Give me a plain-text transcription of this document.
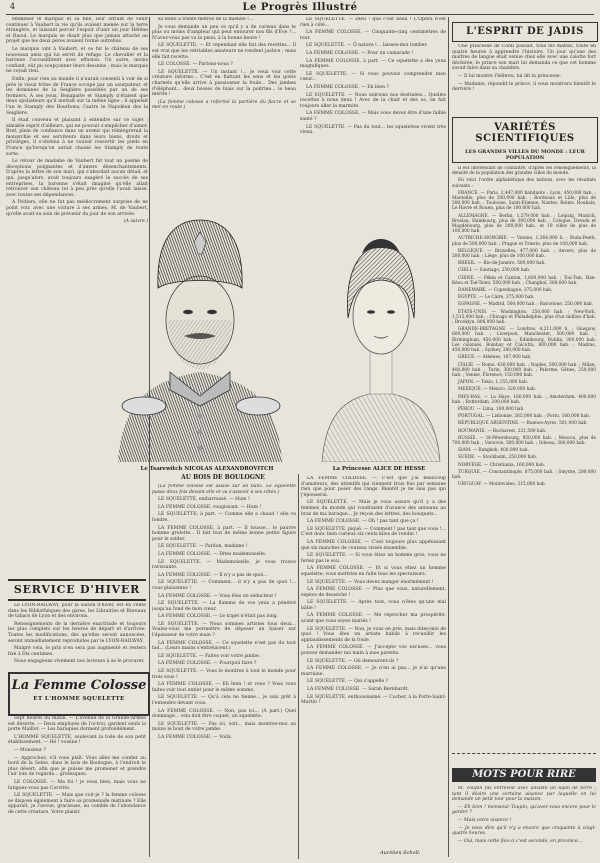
4	Le Progrès Illustré

emmener le marquis et sa fille, leur offrant de venir continuer à Vaubert la vie qu'ils avaient menée sur la terre étrangère, et laissant percer l'espoir d'unir un jour Hélène et Raoul. Le marquis se disait plus que jamais attaché au projet que les deux pères avaient formé autrefois.

Le marquis vint à Vaubert, et ce fut le château de ses nouveaux amis qui lui servit de refuge. Le chevalier et la baronne l'accueillirent avec effusion. Un autre, moins confiant, eût pu soupçonner leurs desseins ; mais le marquis ne voyait rien.

Enfin, pour rien au monde il n'aurait consenti à voir de si près le vieux trône de France occupé par un usurpateur, et les domaines de la Seiglière possédés par un de ses fermiers. A ses yeux, Bonaparte et Stamply n'étaient que deux spoliateurs qu'il mettait sur la même ligne ; il appelait l'un le Stamply des Bourbons, l'autre le Napoléon des la Seiglière.

Il était convenu et plaisant à entendre sur ce sujet ; aimable esprit d'ailleurs, qui ne pouvait s'empêcher d'aimer. Bref, plein de confiance dans un avenir qui réintégrerait la monarchie et ses serviteurs dans leurs biens, droits et privilèges, il s'obstina à ne vouloir ressortir les pieds en France qu'lorsqu'on aurait chassé les Stamply de toute sorte.

Le retour de madame de Vaubert fut tout un poème de déceptions poignantes et d'amers désenchantements. D'après la lettre de son mari, qui s'abordait aucun détail, et qui, jusqu'alors, avait toujours exagéré le succès de ses entreprises, la baronne s'était imaginé qu'elle allait retrouver son château tel à peu près qu'elle l'avait laissé, avec toutes ses dépendances.

A Poitiers, elle ne fut pas médiocrement surprise de ne point voir, avec une voiture à ses armes, M. de Vaubert, qu'elle avait eu soin de prévenir du jour de son arrivée.

(A suivre.)

SERVICE D'HIVER

Le LYON-RAILWAY, pour la saison d'hiver, est en vente dans les Bibliothèques des gares, les Librairies et Bureaux de tabacs de Lyon et des environs.

Renseignements de la dernière exactitude et toujours les plus complets sur les heures de départ et d'arrivée. Toutes les modifications, dès qu'elles seront annoncées, seront immédiatement reproduites par le LYON-RAILWAY.

Malgré cela, le prix n'en sera pas augmenté et restera fixé à Dix centimes.

Nous engageons vivement nos lecteurs à se le procurer.

La Femme Colosse
ET L'HOMME SQUELETTE

Sept heures du matin. — L'avenue de la Grande-Armée est déserte. — Deux employés de l'octroi, gardent seuls la porte Maillot. — Les baraques dorment profondément.

L'HOMME SQUELETTE, soulevant la toile de son petit établissement. — Hé ! voisine !

— Monsieur ?

— Approchez, s'il vous plaît. Vous allez me confier au bord de la Seine, dans le bois de Boulogne, à l'endroit le plus désert, afin que je puisse me promener et prendre l'air loin de regards... grotesques.

LE COLOSSE. — Ma foi ! je veux bien, mais vous ne fatiguez-vous pas Corvitte.

LE SQUELETTE. — Mais que voit-je ? la femme colosse se dispose également à faire sa promenade matinale ? Elle apparaît, je l'avoue, gracieuse, au comble de l'abondance de cette créature. Votre plaisir.

sa tente à trente mètres de la mienne !...

Je vous demande un peu ce qu'il y a de curieux dans le plus ou moins d'ampleur qui peut entourer nos fils d'Ève ?... N'avez-vous pas vu la peau, à la bonne heure !

LE SQUELETTE. — Et cependant elle fait des recettes... Il est vrai que les véritables amateurs ne rendent justice ; mais elle fait recette.

LE COLOSSE. — Partons-nous ?

LE SQUELETTE. — Un instant !... je veux voir cette créature informe... C'est en flattant les sens et les goûts charnels qu'elle arrive à passionner la foule... Des jambes d'éléphant... deux bosses de biais sur la poitrine... le beau mérite !

(La femme colosse a reformé la portière du fiacre et se met en route.)

LE SQUELETTE. — Dieu ! que c'est beau ! L'Opéra n'est rien à côté...

LA FEMME COLOSSE. — Cinquante-cinq centimètres de tour.

LE SQUELETTE. — Ô nature !... laissez-moi tomber.

LA FEMME COLOSSE. — Pour un camarade !

LA FEMME COLOSSE, à part. — Ce squelette a des yeux magnifiques.

LE SQUELETTE. — Si vous pouviez comprendre mon cœur...

LA FEMME COLOSSE. — Eh bien ?

LE SQUELETTE. — Nous unirions nos destinées... Quelles recettes à nous deux ! Avec de la chair et des os, on fait toujours aller la marmite.

LA FEMME COLOSSE. — Mais vous devez être d'une faible santé ?

LE SQUELETTE. — Pas du tout... les squelettes vivent très vieux.

Le Tsarewitch NICOLAS ALEXANDROVITCH	La Princesse ALICE DE HESSE
AU BOIS DE BOULOGNE

(La femme colosse est assise sur un banc. Le squelette passe deux fois devant elle et va s'asseoir à ses côtés.)

LE SQUELETTE, embarrassé. — Hum !

LA FEMME COLOSSE, rougissant. — Hum !

LE SQUELETTE, à part. — Comme elle a chaud ! elle va fondre.

LA FEMME COLOSSE, à part. — Il tousse... le pauvre homme grelotte... Il fait tout de même bonne petite figure pour le solder.

LE SQUELETTE. — Pardon, madame !

LA FEMME COLOSSE. — Dites mademoiselle.

LE SQUELETTE. — Mademoiselle, je vous trouve ravissante.

LA FEMME COLOSSE. — Il n'y a pas de quoi...

LE SQUELETTE. — Comment... il n'y a pas de quoi !... vous plaisantez !

LA FEMME COLOSSE. — Vous êtes un séducteur !

LE SQUELETTE. — La flamme de vos yeux a pénétré jusqu'au fond de mon cœur.

LA FEMME COLOSSE. — Le trajet n'était pas long.

LE SQUELETTE. — Nous sommes artistes tous deux... Voulez-vous me permettre de déposer un baiser sur l'épaisseur de votre main ?

LA FEMME COLOSSE. — Ce squelette n'est pas du tout fad... (Leurs mains s'entrelacent.)

LE SQUELETTE. — Faites voir votre jambe.

LA FEMME COLOSSE. — Pourquoi faire ?

LE SQUELETTE. — Vous le montrez à tout le monde pour trois sous !

LA FEMME COLOSSE. — Eh bien ! et vous ? Vous vous faites voir tout entier pour le même somme.

LE SQUELETTE. — Qu'à cela ne tienne... je suis prêt à l'entendre devant vous.

LA FEMME COLOSSE. — Non, pas ici... (A part.) Quel dommage... cela doit être coquet, un squelette.

LE SQUELETTE. — Pas ici, soit... mais montrez-moi au moins le bout de votre jambe.

LA FEMME COLOSSE. — Voilà.

LA FEMME COLOSSE. — C'est que j'ai beaucoup d'amateurs, des attentifs qui viennent trois fois par semaine rien que pour poser des rangs. Bientôt je ne sais pas qui j'épouserai.

LE SQUELETTE. — Mais je vous assure qu'il y a des femmes du monde qui voudraient d'avance des anneaux au bras de ma baraque... Je reçois des lettres, des bouquets...

LA FEMME COLOSSE. — Oh ! pas tant que ça !

LE SQUELETTE, piqué. — Comment ! pas tant que vous !... C'est donc bien curieux six cents kilos de rondin !

LA FEMME COLOSSE. — C'est toujours plus appétissant que six manches de couteau vissés ensemble.

LE SQUELETTE. — Si vous étiez un homme gros, vous ne feriez pas le sou.

LA FEMME COLOSSE. — Et si vous étiez un homme squelette, vous mettriez en fuite tous les spectateurs.

LE SQUELETTE. — Vous devez manger énormément !

LA FEMME COLOSSE. — Plus que vous, naturellement, espèce de desséché !

LE SQUELETTE. — Après tout, vous n'êtes qu'une mal bâtie !

LA FEMME COLOSSE. — Me reprocher ma prospérité, avant que vous soyez mariés !

LE SQUELETTE. — Non, je vous en prie, mais dites-moi de quoi ! Vous êtes un artiste habile à recueillir les applaudissements de la foule.

LA FEMME COLOSSE. — J'accepte vos excuses... vous pouvez demander ma main à mes parents.

LE SQUELETTE. — Où demeurent-ils ?

LA FEMME COLOSSE. — Je n'en ai pas... je n'ai qu'une marraine.

LE SQUELETTE. — Qui s'appelle ?

LA FEMME COLOSSE. — Sarah Bernhardt.

LE SQUELETTE, enthousiasmé. — Cocher, à la Porte-Saint-Martin !

Aurélien Scholl.
L'ESPRIT DE JADIS

Une princesse de Conti passait, tous les matins, toute en quatre heures à apprendre l'histoire. Un jour qu'une des maîtres de langue était venue chez elle avec une calotte fort déchirée, le prince son mari lui demanda ce que cet homme savait faire dans sa chambre.

— Il lui montre l'hébreu, lui dit la princesse.

— Madame, répondit le prince, il vous montrera bientôt le derrière !

VARIÉTÉS SCIENTIFIQUES
LES GRANDES VILLES DU MONDE : LEUR POPULATION

Il est intéressant de connaître, d'après les renseignements, la densité de la population des grandes villes du monde.

En voici l'ordre alphabétique des nations, avec les résultats suivants :

FRANCE. — Paris, 2,447,000 habitants ; Lyon, 450,000 hab. ; Marseille, plus de 300,000 hab. ; Bordeaux et Lille, plus de 200,000 hab. ; Toulouse, Saint-Étienne, Nantes, Reims, Roubaix, Le Havre et Rouen, plus de 100,000 hab.

ALLEMAGNE. — Berlin, 1,579,000 hab. ; Leipzig, Munich, Breslau, Hambourg, plus de 300,000 hab. ; Cologne, Dresde et Magdebourg, plus de 200,000 hab., et 19 villes de plus de 100,000 hab.

AUTRICHE-HONGRIE. — Vienne, 1,364,000 h. ; Buda-Pesth, plus de 500,000 hab. ; Prague et Trieste, plus de 100,000 hab.

BELGIQUE. — Bruxelles, 477,000 hab. ; Anvers, plus de 200,000 hab. ; Liège, plus de 100,000 hab.

BRÉSIL. — Rio-de-Janeiro, 500,000 hab.

CHILI. — Santiago, 250,000 hab.

CHINE. — Pékin et Canton, 1,600,000 hab. ; Tou-Tsin, Han-Kéou et Tsé-Tsien, 500,000 hab. ; Changhaï, 300,000 hab.

DANEMARK. — Copenhague, 375,000 hab.

ÉGYPTE. — Le Caire, 375,000 hab.

ESPAGNE. — Madrid, 500,000 hab. ; Barcelone, 250,000 hab.

ÉTATS-UNIS. — Washington, 250,000 hab. ; New-York, 1,515,000 hab. ; Chicago et Philadelphie, plus d'un million d'hab. ; Brooklyn, 806,000 hab.

GRANDE-BRETAGNE. — Londres, 4,211,000 h. ; Glasgow, 600,000 hab. ; Liverpool, Manchester, 500,000 hab. ; Birmingham, 450,000 hab. ; Édimbourg, Dublin, 300,000 hab. Les colonies, Bombay et Calcutta, 800,000 hab. ; Madras, 450,000 hab. ; Sydney, 380,000 hab.

GRÈCE. — Athènes, 107,000 hab.

ITALIE. — Rome, 430,000 hab. ; Naples, 500,000 hab. ; Milan, 400,000 hab. ; Turin, 300,000 hab. ; Palerme, Gênes, 250,000 hab. ; Venise, Florence, 150,000 hab.

JAPON. — Tokio, 1,155,000 hab.

MEXIQUE. — Mexico, 329,000 hab.

PAYS-BAS. — La Haye, 160,000 hab. ; Amsterdam, 400,000 hab. ; Rotterdam, 200,000 hab.

PÉROU. — Lima, 100,000 hab.

PORTUGAL. — Lisbonne, 265,000 hab. ; Porto, 160,000 hab.

RÉPUBLIQUE ARGENTINE. — Buenos-Ayres, 501,000 hab.

ROUMANIE. — Bucharest, 221,500 hab.

RUSSIE. — St-Pétersbourg, 950,000 hab. ; Moscou, plus de 700,000 hab. ; Varsovie, 500,000 hab. ; Odessa, 300,000 hab.

SIAM. — Bangkok, 400,000 hab.

SUÈDE. — Stockholm, 250,000 hab.

NORVÈGE. — Christiania, 160,000 hab.

TURQUIE. — Constantinople, 875,000 hab. ; Smyrne, 200,000 hab.

URUGUAY. — Montevideo, 215,000 hab.

MOTS POUR RIRE

M. Toupin fils entrevoit avec anxiété un lopin de terre ; tant il désire une certaine aisance par laquelle on lui demande un petit tour pour la maison.

— Eh bien ! monsieur Toupin, qu'avez-vous encore pour le garder ?

— Mais votre aisance !

— Je veux dire qu'il n'y a encore que cinquante à vingt-quatre heures.

— Oui, mais cette fois-ci c'est seconde, en province...
